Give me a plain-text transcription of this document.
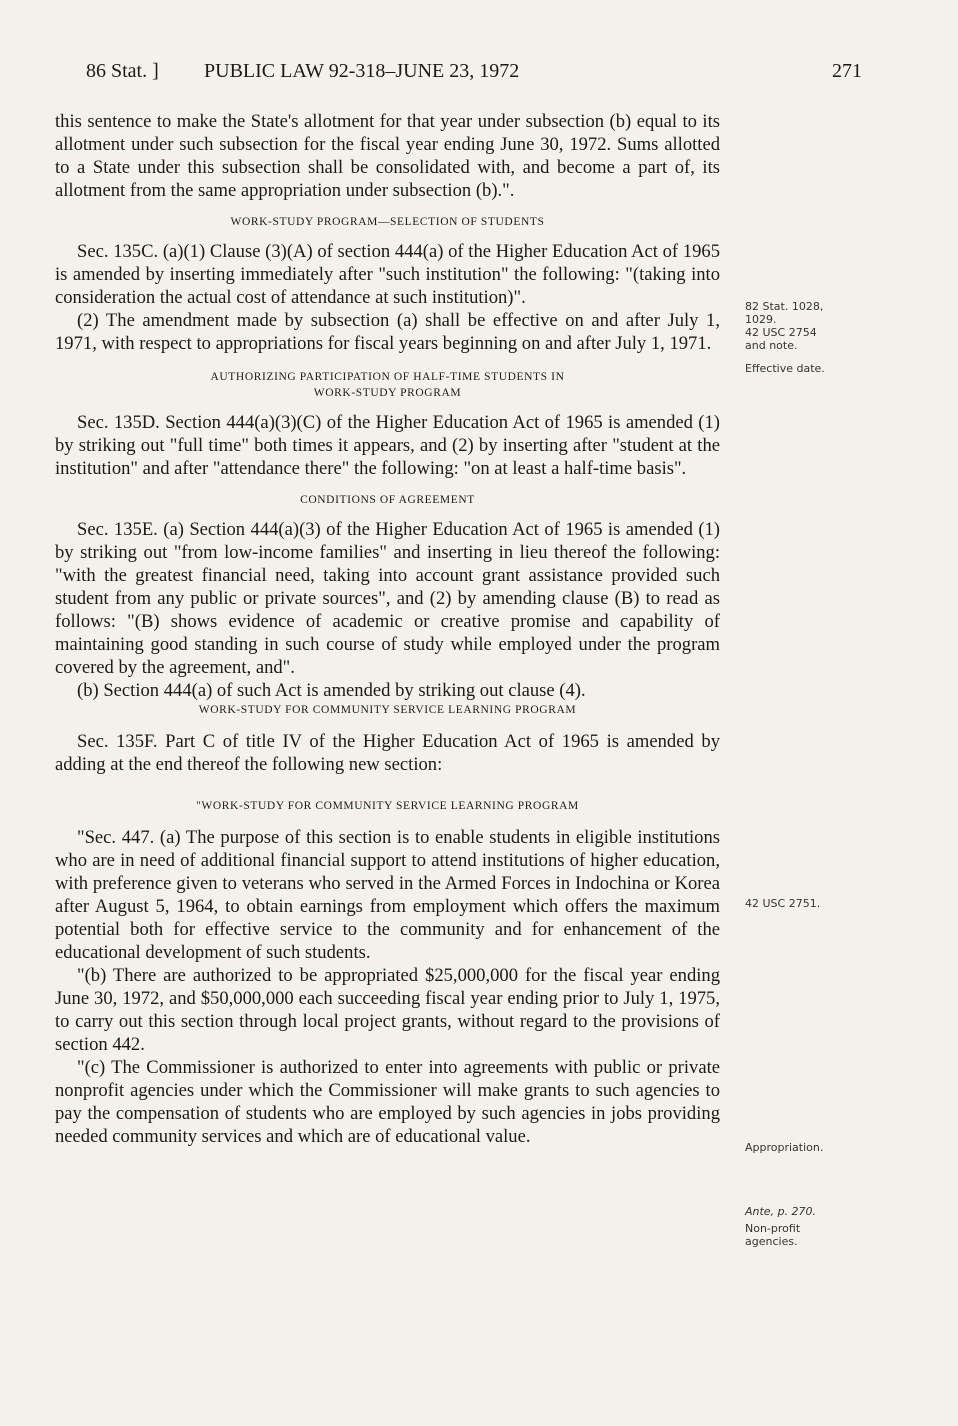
86 Stat. ] PUBLIC LAW 92-318–JUNE 23, 1972	271

this sentence to make the State's allotment for that year under subsection (b) equal to its allotment under such subsection for the fiscal year ending June 30, 1972. Sums allotted to a State under this subsection shall be consolidated with, and become a part of, its allotment from the same appropriation under subsection (b).".

WORK-STUDY PROGRAM—SELECTION OF STUDENTS

Sec. 135C. (a)(1) Clause (3)(A) of section 444(a) of the Higher Education Act of 1965 is amended by inserting immediately after "such institution" the following: "(taking into consideration the actual cost of attendance at such institution)".

(2) The amendment made by subsection (a) shall be effective on and after July 1, 1971, with respect to appropriations for fiscal years beginning on and after July 1, 1971.

AUTHORIZING PARTICIPATION OF HALF-TIME STUDENTS IN

WORK-STUDY PROGRAM

Sec. 135D. Section 444(a)(3)(C) of the Higher Education Act of 1965 is amended (1) by striking out "full time" both times it appears, and (2) by inserting after "student at the institution" and after "attendance there" the following: "on at least a half-time basis".

CONDITIONS OF AGREEMENT

Sec. 135E. (a) Section 444(a)(3) of the Higher Education Act of 1965 is amended (1) by striking out "from low-income families" and inserting in lieu thereof the following: "with the greatest financial need, taking into account grant assistance provided such student from any public or private sources", and (2) by amending clause (B) to read as follows: "(B) shows evidence of academic or creative promise and capability of maintaining good standing in such course of study while employed under the program covered by the agreement, and".

(b) Section 444(a) of such Act is amended by striking out clause (4).

WORK-STUDY FOR COMMUNITY SERVICE LEARNING PROGRAM

Sec. 135F. Part C of title IV of the Higher Education Act of 1965 is amended by adding at the end thereof the following new section:

"WORK-STUDY FOR COMMUNITY SERVICE LEARNING PROGRAM

"Sec. 447. (a) The purpose of this section is to enable students in eligible institutions who are in need of additional financial support to attend institutions of higher education, with preference given to veterans who served in the Armed Forces in Indochina or Korea after August 5, 1964, to obtain earnings from employment which offers the maximum potential both for effective service to the community and for enhancement of the educational development of such students.

"(b) There are authorized to be appropriated $25,000,000 for the fiscal year ending June 30, 1972, and $50,000,000 each succeeding fiscal year ending prior to July 1, 1975, to carry out this section through local project grants, without regard to the provisions of section 442.

"(c) The Commissioner is authorized to enter into agreements with public or private nonprofit agencies under which the Commissioner will make grants to such agencies to pay the compensation of students who are employed by such agencies in jobs providing needed community services and which are of educational value.

82 Stat. 1028,
1029.
42 USC 2754
and note.
Effective date.
42 USC 2751.
Appropriation.
Ante, p. 270.
Non-profit
agencies.
